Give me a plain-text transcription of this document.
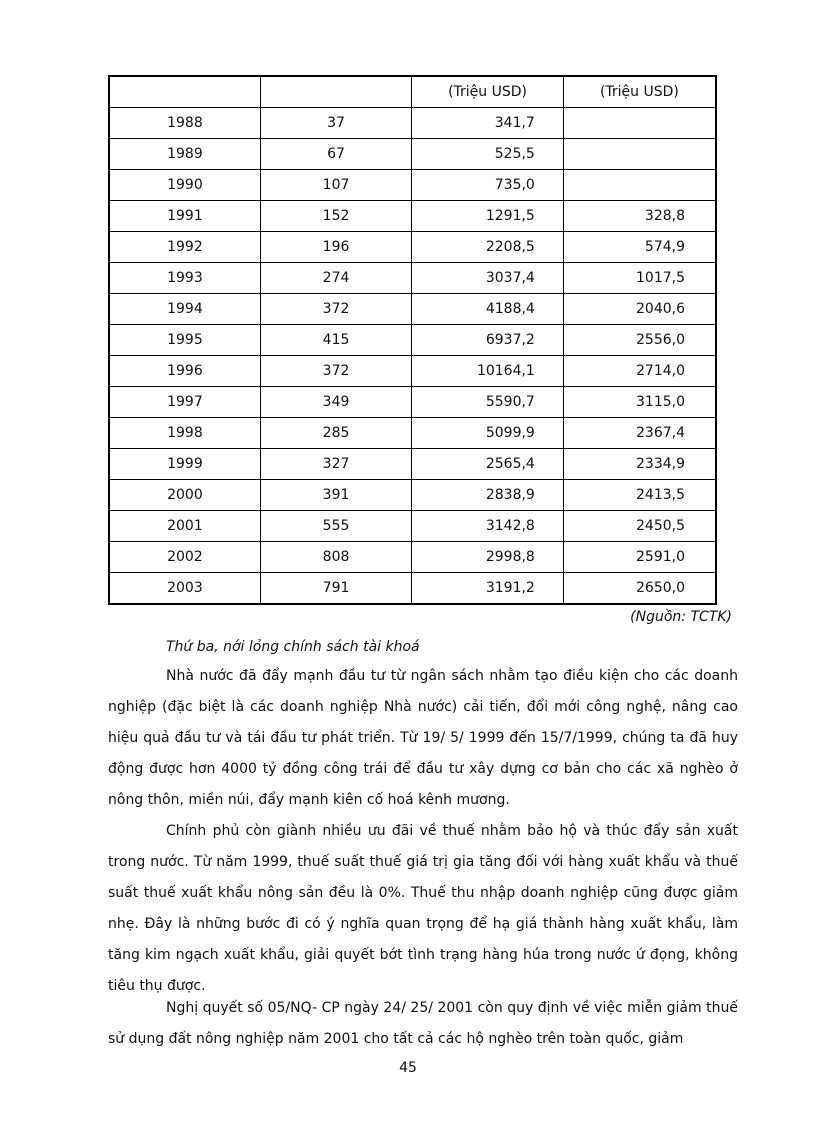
		(Triệu USD)	(Triệu USD)
1988	37	341,7	
1989	67	525,5	
1990	107	735,0	
1991	152	1291,5	328,8
1992	196	2208,5	574,9
1993	274	3037,4	1017,5
1994	372	4188,4	2040,6
1995	415	6937,2	2556,0
1996	372	10164,1	2714,0
1997	349	5590,7	3115,0
1998	285	5099,9	2367,4
1999	327	2565,4	2334,9
2000	391	2838,9	2413,5
2001	555	3142,8	2450,5
2002	808	2998,8	2591,0
2003	791	3191,2	2650,0
(Nguồn: TCTK)
Thứ ba, nới lỏng chính sách tài khoá

Nhà nước đã đẩy mạnh đầu tư từ ngân sách nhằm tạo điều kiện cho các doanh nghiệp (đặc biệt là các doanh nghiệp Nhà nước) cải tiến, đổi mới công nghệ, nâng cao hiệu quả đầu tư và tái đầu tư phát triển. Từ 19/ 5/ 1999 đến 15/7/1999, chúng ta đã huy động được hơn 4000 tỷ đồng công trái để đầu tư xây dựng cơ bản cho các xã nghèo ở nông thôn, miền núi, đẩy mạnh kiên cố hoá kênh mương.

Chính phủ còn giành nhiều ưu đãi về thuế nhằm bảo hộ và thúc đẩy sản xuất trong nước. Từ năm 1999, thuế suất thuế giá trị gia tăng đối với hàng xuất khẩu và thuế suất thuế xuất khẩu nông sản đều là 0%. Thuế thu nhập doanh nghiệp cũng được giảm nhẹ. Đây là những bước đi có ý nghĩa quan trọng để hạ giá thành hàng xuất khẩu, làm tăng kim ngạch xuất khẩu, giải quyết bớt tình trạng hàng húa trong nước ứ đọng, không tiêu thụ được.

Nghị quyết số 05/NQ- CP ngày 24/ 25/ 2001 còn quy định về việc miễn giảm thuế sử dụng đất nông nghiệp năm 2001 cho tất cả các hộ nghèo trên toàn quốc, giảm

45
